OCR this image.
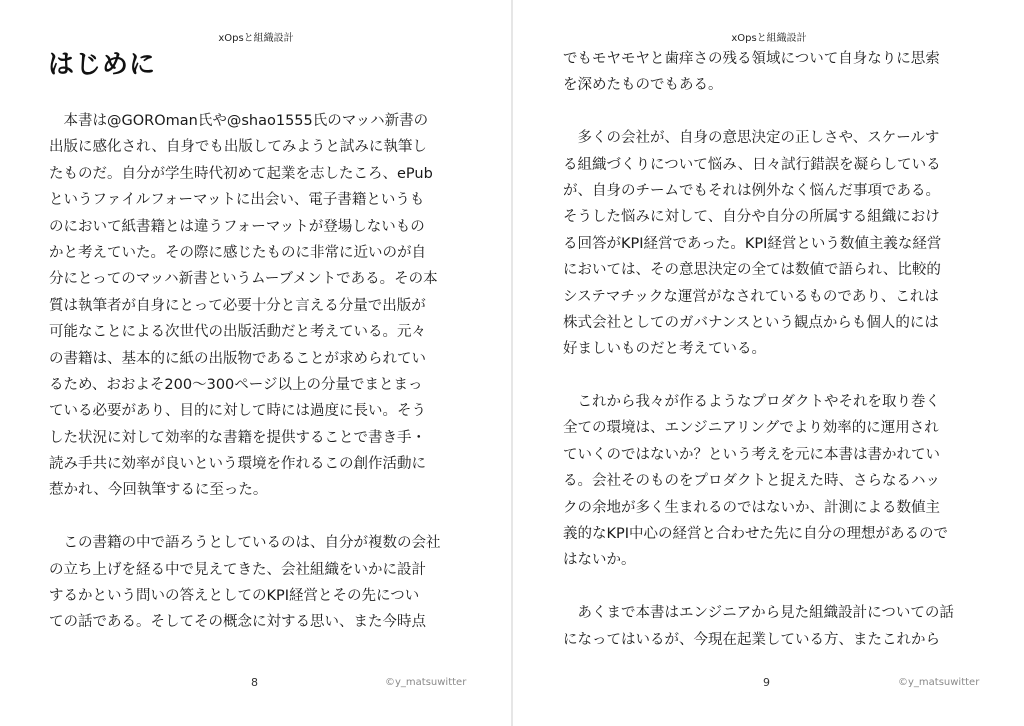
xOpsと組織設計
はじめに
　本書は@GOROman氏や@shao1555氏のマッハ新書の
出版に感化され、自身でも出版してみようと試みに執筆し
たものだ。自分が学生時代初めて起業を志したころ、ePub
というファイルフォーマットに出会い、電子書籍というも
のにおいて紙書籍とは違うフォーマットが登場しないもの
かと考えていた。その際に感じたものに非常に近いのが自
分にとってのマッハ新書というムーブメントである。その本
質は執筆者が自身にとって必要十分と言える分量で出版が
可能なことによる次世代の出版活動だと考えている。元々
の書籍は、基本的に紙の出版物であることが求められてい
るため、おおよそ200〜300ページ以上の分量でまとまっ
ている必要があり、目的に対して時には過度に長い。そう
した状況に対して効率的な書籍を提供することで書き手・
読み手共に効率が良いという環境を作れるこの創作活動に
惹かれ、今回執筆するに至った。
　この書籍の中で語ろうとしているのは、自分が複数の会社
の立ち上げを経る中で見えてきた、会社組織をいかに設計
するかという問いの答えとしてのKPI経営とその先につい
ての話である。そしてその概念に対する思い、また今時点
8	©y_matsuwitter
xOpsと組織設計
でもモヤモヤと歯痒さの残る領域について自身なりに思索
を深めたものでもある。
　多くの会社が、自身の意思決定の正しさや、スケールす
る組織づくりについて悩み、日々試行錯誤を凝らしている
が、自身のチームでもそれは例外なく悩んだ事項である。
そうした悩みに対して、自分や自分の所属する組織におけ
る回答がKPI経営であった。KPI経営という数値主義な経営
においては、その意思決定の全ては数値で語られ、比較的
システマチックな運営がなされているものであり、これは
株式会社としてのガバナンスという観点からも個人的には
好ましいものだと考えている。
　これから我々が作るようなプロダクトやそれを取り巻く
全ての環境は、エンジニアリングでより効率的に運用され
ていくのではないか？という考えを元に本書は書かれてい
る。会社そのものをプロダクトと捉えた時、さらなるハッ
クの余地が多く生まれるのではないか、計測による数値主
義的なKPI中心の経営と合わせた先に自分の理想があるので
はないか。
　あくまで本書はエンジニアから見た組織設計についての話
になってはいるが、今現在起業している方、またこれから
9	©y_matsuwitter
